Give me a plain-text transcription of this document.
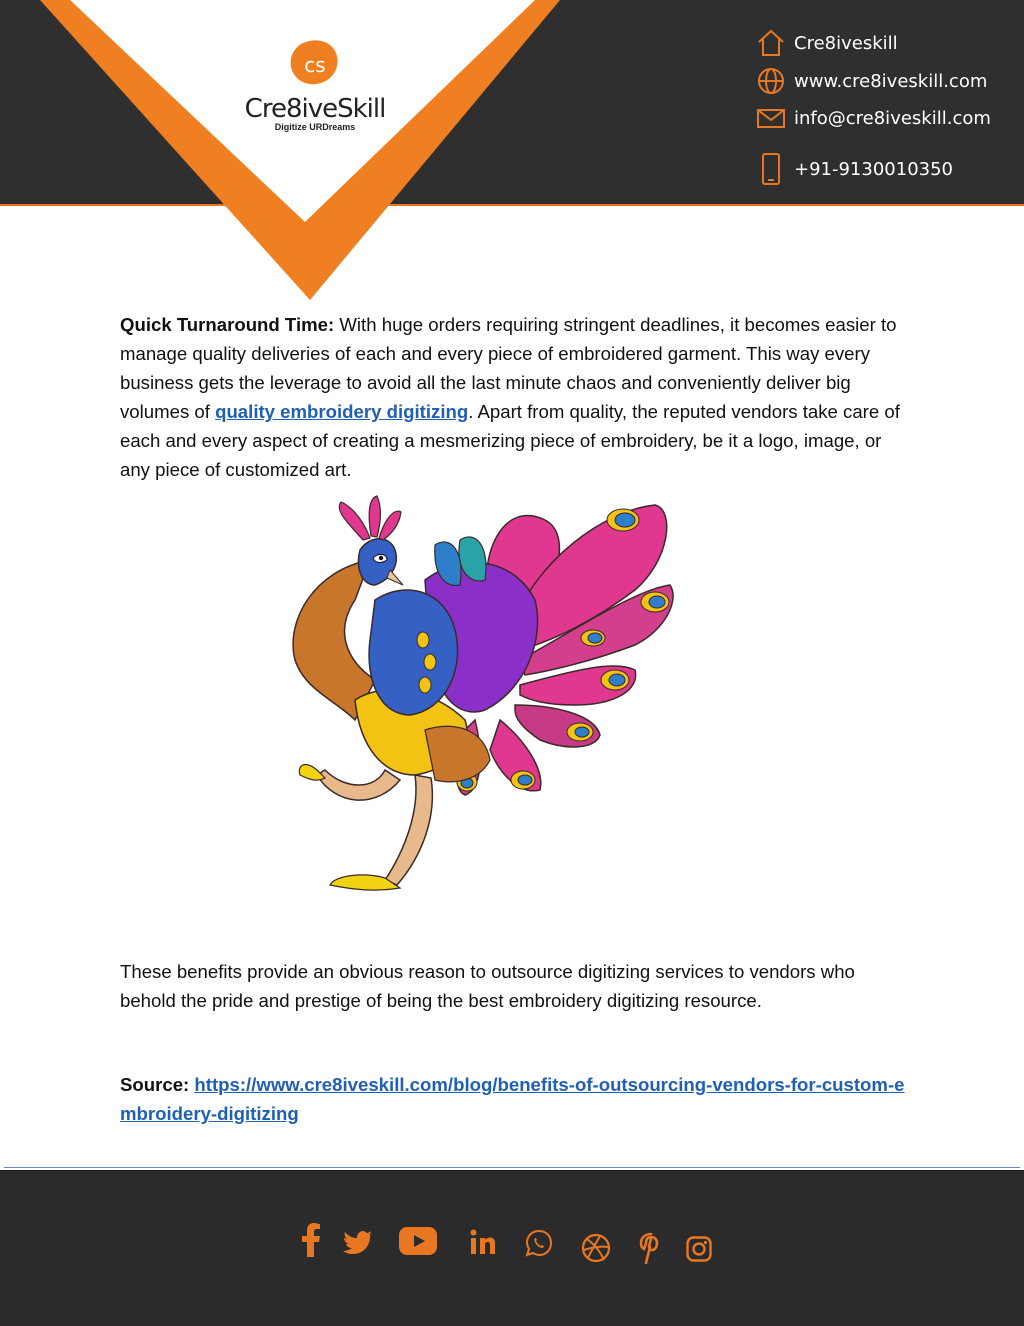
cs
Cre8iveSkill
Digitize URDreams
Cre8iveskill
www.cre8iveskill.com
info@cre8iveskill.com
+91-9130010350
Quick Turnaround Time: With huge orders requiring stringent deadlines, it becomes easier to manage quality deliveries of each and every piece of embroidered garment. This way every business gets the leverage to avoid all the last minute chaos and conveniently deliver big volumes of quality embroidery digitizing. Apart from quality, the reputed vendors take care of each and every aspect of creating a mesmerizing piece of embroidery, be it a logo, image, or any piece of customized art.
These benefits provide an obvious reason to outsource digitizing services to vendors who behold the pride and prestige of being the best embroidery digitizing resource.
Source: https://www.cre8iveskill.com/blog/benefits-of-outsourcing-vendors-for-custom-embroidery-digitizing
